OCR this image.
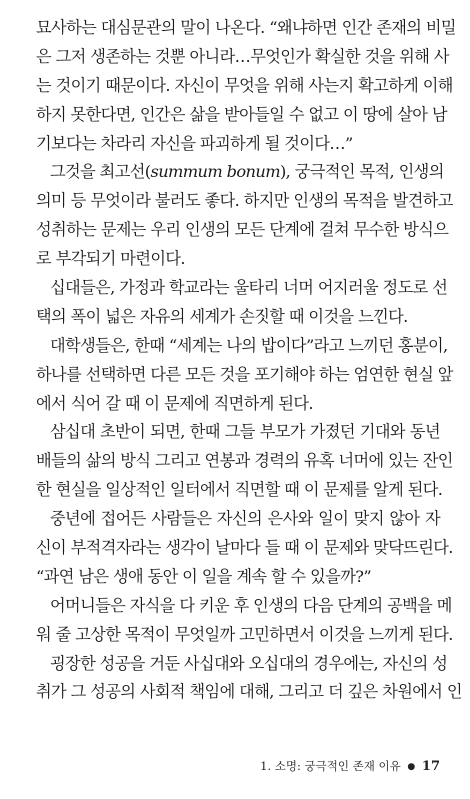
묘사하는 대심문관의 말이 나온다. “왜냐하면 인간 존재의 비밀
은 그저 생존하는 것뿐 아니라…무엇인가 확실한 것을 위해 사
는 것이기 때문이다. 자신이 무엇을 위해 사는지 확고하게 이해
하지 못한다면, 인간은 삶을 받아들일 수 없고 이 땅에 살아 남
기보다는 차라리 자신을 파괴하게 될 것이다…”
그것을 최고선(summum bonum), 궁극적인 목적, 인생의
의미 등 무엇이라 불러도 좋다. 하지만 인생의 목적을 발견하고
성취하는 문제는 우리 인생의 모든 단계에 걸쳐 무수한 방식으
로 부각되기 마련이다.
십대들은, 가정과 학교라는 울타리 너머 어지러울 정도로 선
택의 폭이 넓은 자유의 세계가 손짓할 때 이것을 느낀다.
대학생들은, 한때 “세계는 나의 밥이다”라고 느끼던 홍분이,
하나를 선택하면 다른 모든 것을 포기해야 하는 엄연한 현실 앞
에서 식어 갈 때 이 문제에 직면하게 된다.
삼십대 초반이 되면, 한때 그들 부모가 가졌던 기대와 동년
배들의 삶의 방식 그리고 연봉과 경력의 유혹 너머에 있는 잔인
한 현실을 일상적인 일터에서 직면할 때 이 문제를 알게 된다.
중년에 접어든 사람들은 자신의 은사와 일이 맞지 않아 자
신이 부적격자라는 생각이 날마다 들 때 이 문제와 맞닥뜨린다.
“과연 남은 생애 동안 이 일을 계속 할 수 있을까?”
어머니들은 자식을 다 키운 후 인생의 다음 단계의 공백을 메
워 줄 고상한 목적이 무엇일까 고민하면서 이것을 느끼게 된다.
굉장한 성공을 거둔 사십대와 오십대의 경우에는, 자신의 성
취가 그 성공의 사회적 책임에 대해, 그리고 더 깊은 차원에서 인
1. 소명: 궁극적인 존재 이유 ● 17
